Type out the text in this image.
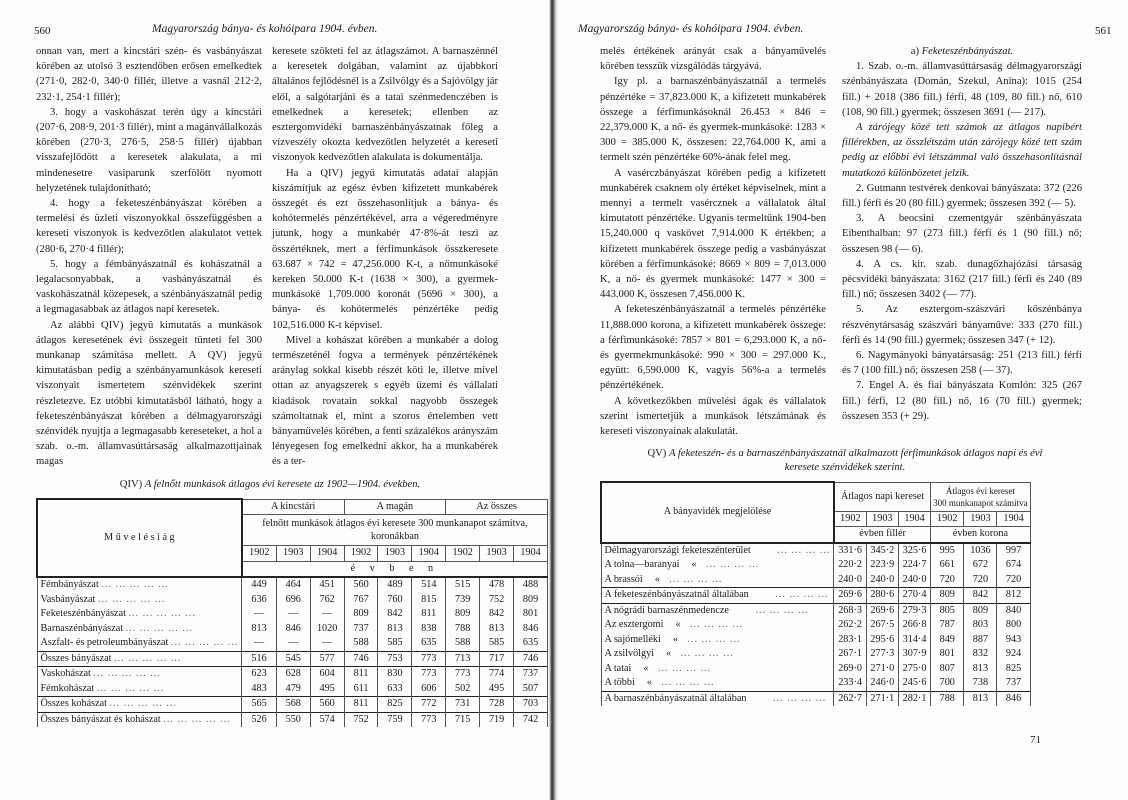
560	Magyarország bánya- és kohóipara 1904. évben.

onnan van, mert a kincstári szén- és vasbányászat körében az utolsó 3 esztendőben erősen emelkedtek (271·0, 282·0, 340·0 fillér, illetve a vasnál 212·2, 232·1, 254·1 fillér);

3. hogy a vaskohászat terén úgy a kincstári (207·6, 208·9, 201·3 fillér), mint a magánvállalkozás körében (270·3, 276·5, 258·5 fillér) újabban visszafejlődött a keresetek alakulata, a mi mindenesetre vasiparunk szerfölött nyomott helyzetének tulajdonítható;

4. hogy a feketeszénbányászat körében a termelési és üzleti viszonyokkal összefüggésben a kereseti viszonyok is kedvezőtlen alakulatot vettek (280·6, 270·4 fillér);

5. hogy a fémbányászatnál és kohászatnál a legalacsonyabbak, a vasbányászatnál és vaskohászatnál közepesek, a szénbányászatnál pedig a legmagasabbak az átlagos napi keresetek.

Az alábbi QIV) jegyü kimutatás a munkások átlagos keresetének évi összegeit tünteti fel 300 munkanap számítása mellett. A QV) jegyü kimutatásban pedig a szénbányamunkások kereseti viszonyait ismertetem szénvidékek szerint részletezve. Ez utóbbi kimutatásból látható, hogy a feketeszénbányászat körében a délmagyarországi szénvidék nyujtja a legmagasabb kereseteket, a hol a szab. o.-m. államvasúttársaság alkalmazottjainak magas

keresete szökteti fel az átlagszámot. A barnaszénnél a keresetek dolgában, valamint az újabbkori általános fejlődésnél is a Zsilvölgy és a Sajóvölgy jár elől, a salgótarjáni és a tatai szénmedenczében is emelkednek a keresetek; ellenben az esztergomvidéki barnaszénbányászatnak főleg a vízveszély okozta kedvezőtlen helyzetét a kereseti viszonyok kedvezőtlen alakulata is dokumentálja.

Ha a QIV) jegyü kimutatás adatai alapján kiszámítjuk az egész évben kifizetett munkabérek összegét és ezt összehasonlítjuk a bánya- és kohótermelés pénzértékével, arra a végeredményre jutunk, hogy a munkabér 47·8%-át teszi az összértéknek, mert a férfimunkások összkeresete 63.687 × 742 = 47,256.000 K-t, a nőmunkásoké kereken 50.000 K-t (1638 × 300), a gyermek-munkásoké 1,709.000 koronát (5696 × 300), a bánya- és kohótermelés pénzértéke pedig 102,516.000 K-t képvisel.

Mivel a kohászat körében a munkabér a dolog természeténél fogva a termények pénzértékének aránylag sokkal kisebb részét köti le, illetve mivel ottan az anyagszerek s egyéb üzemi és vállalati kiadások rovatain sokkal nagyobb összegek számoltatnak el, mint a szoros értelemben vett bányaművelés körében, a fenti százalékos arányszám lényegesen fog emelkedni akkor, ha a munkabérek és a ter-

QIV) A felnőtt munkások átlagos évi keresete az 1902—1904. években.
M ű v e l é s i á g	A kincstári			A magán			Az összes		
	felnőtt munkások átlagos évi keresete 300 munkanapot számítva, koronákban								
	1902	1903	1904	1902	1903	1904	1902	1903	1904
	é v b e n								
Fémbányászat ... ... ... ... ...	449	464	451	560	489	514	515	478	488
Vasbányászat ... ... ... ... ...	636	696	762	767	760	815	739	752	809
Feketeszénbányászat ... ... ... ... ...	—	—	—	809	842	811	809	842	801
Barnaszénbányászat ... ... ... ... ...	813	846	1020	737	813	838	788	813	846
Aszfalt- és petroleumbányászat ... ... ... ... ...	—	—	—	588	585	635	588	585	635
Összes bányászat ... ... ... ... ...	516	545	577	746	753	773	713	717	746
Vaskohászat ... ... ... ... ...	623	628	604	811	830	773	773	774	737
Fémkohászat ... ... ... ... ...	483	479	495	611	633	606	502	495	507
Összes kohászat ... ... ... ... ...	565	568	560	811	825	772	731	728	703
Összes bányászat és kohászat ... ... ... ... ...	526	550	574	752	759	773	715	719	742
Magyarország bánya- és kohóipara 1904. évben.	561

melés értékének arányát csak a bányaművelés körében tesszük vizsgálódás tárgyává.

Igy pl. a barnaszénbányászatnál a termelés pénzértéke = 37,823.000 K, a kifizetett munkabérek összege a férfimunkásoknál 26.453 × 846 = 22,379.000 K, a nő- és gyermek-munkásoké: 1283 × 300 = 385.000 K, összesen: 22,764.000 K, ami a termelt szén pénzértéke 60%-ának felel meg.

A vasérczbányászat körében pedig a kifizetett munkabérek csaknem oly értéket képviselnek, mint a mennyi a termelt vasércznek a vállalatok által kimutatott pénzértéke. Ugyanis termeltünk 1904-ben 15,240.000 q vaskövet 7,914.000 K értékben; a kifizetett munkabérek összege pedig a vasbányászat körében a férfimunkásoké: 8669 × 809 = 7,013.000 K, a nő- és gyermek munkásoké: 1477 × 300 = 443.000 K, összesen 7,456.000 K.

A feketeszénbányászatnál a termelés pénzértéke 11,888.000 korona, a kifizetett munkabérek összege: a férfimunkásoké: 7857 × 801 = 6,293.000 K, a nő- és gyermekmunkásoké: 990 × 300 = 297.000 K., együtt: 6,590.000 K, vagyis 56%-a a termelés pénzértékének.

A következőkben művelési ágak és vállalatok szerint ismertetjük a munkások létszámának és kereseti viszonyainak alakulatát.

a) Feketeszénbányászat.

1. Szab. o.-m. államvasúttársaság délmagyarországi szénbányászata (Domán, Szekul, Anina): 1015 (254 fill.) + 2018 (386 fill.) férfi, 48 (109, 80 fill.) nő, 610 (108, 90 fill.) gyermek; összesen 3691 (— 217).

A zárójegy közé tett számok az átlagos napibért fillérekben, az összlétszám után zárójegy közé tett szám pedig az előbbi évi létszámmal való összehasonlításnál mutatkozó különbözetet jelzik.

2. Gutmann testvérek denkovai bányászata: 372 (226 fill.) férfi és 20 (80 fill.) gyermek; összesen 392 (— 5).

3. A beocsini czementgyár szénbányászata Eibenthalban: 97 (273 fill.) férfi és 1 (90 fill.) nő; összesen 98 (— 6).

4. A cs. kir. szab. dunagőzhajózási társaság pécsvidéki bányászata: 3162 (217 fill.) férfi és 240 (89 fill.) nő; összesen 3402 (— 77).

5. Az esztergom-szászvári kőszénbánya részvénytársaság szászvári bányaműve: 333 (270 fill.) férfi és 14 (90 fill.) gyermek; összesen 347 (+ 12).

6. Nagymányoki bányatársaság: 251 (213 fill.) férfi és 7 (100 fill.) nő; összesen 258 (— 37).

7. Engel A. és fiai bányászata Komlón: 325 (267 fill.) férfi, 12 (80 fill.) nő, 16 (70 fill.) gyermek; összesen 353 (+ 29).

QV) A feketeszén- és a barnaszénbányászatnál alkalmazott férfimunkások átlagos napi és évi
keresete szénvidékek szerint.
A bányavidék megjelölése	Átlagos napi kereset			Átlagos évi kereset
300 munkanapot számítva		

	1902	1903	1904	1902	1903	1904
	évben fillér			évben korona		
Délmagyarországi feketeszénterület ... ... ... ...	331·6	345·2	325·6	995	1036	997
A tolna—baranyai « ... ... ... ...	220·2	223·9	224·7	661	672	674
A brassói « ... ... ... ...	240·0	240·0	240·0	720	720	720
A feketeszénbányászatnál általában ... ... ... ...	269·6	280·6	270·4	809	842	812
A nógrádi barnaszénmedencze ... ... ... ...	268·3	269·6	279·3	805	809	840
Az esztergomi « ... ... ... ...	262·2	267·5	266·8	787	803	800
A sajómelléki « ... ... ... ...	283·1	295·6	314·4	849	887	943
A zsilvölgyi « ... ... ... ...	267·1	277·3	307·9	801	832	924
A tatai « ... ... ... ...	269·0	271·0	275·0	807	813	825
A többi « ... ... ... ...	233·4	246·0	245·6	700	738	737
A barnaszénbányászatnál általában ... ... ... ...	262·7	271·1	282·1	788	813	846
71
